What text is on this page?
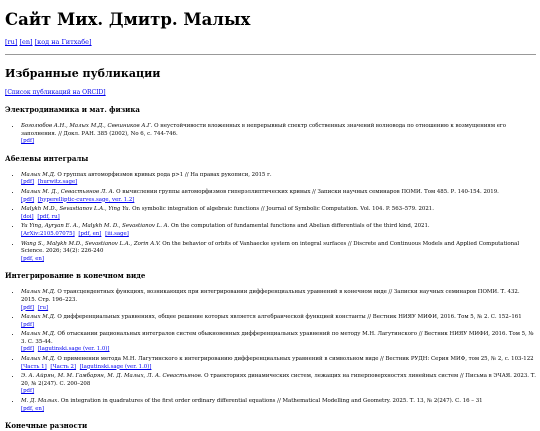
Сайт Мих. Дмитр. Малых
[ru] [en] [код на Гитхабе]
Избранные публикации
[Список публикаций на ORCID]
Электродинамика и мат. физика
• Боголюбов А.Н., Малых М.Д., Свешников А.Г. О неустойчивости вложенных в непрерывный спектр собственных значений волновода по отношению к возмущениям его заполнения. // Докл. РАН. 385 (2002), No 6, с. 744-746.
[pdf]
Абелевы интегралы
• Малых М.Д. О группах автоморфизмов кривых рода p>1 // На правах рукописи, 2015 г.
[pdf] [hurwitz.sage]
• Малых М. Д., Севастьянов Л. А. О вычислении группы автоморфизмов гиперэллиптических кривых // Записки научных семинаров ПОМИ. Том 485. Р. 140-154. 2019.
[pdf] [hyperelliptic-curves.sage, ver. 1.2]
• Malykh M.D., Sevastianov L.A., Ying Yu. On symbolic integration of algebraic functions // Journal of Symbolic Computation. Vol. 104. P. 563–579. 2021.
[doi] [pdf, ru]
• Yu Ying, Ayryan E. A., Malykh M. D., Sevastianov L. A. On the computation of fundamental functions and Abelian differentials of the third kind, 2021.
[ArXiv:2105.07075] [pdf, en] [iii.sage]
• Wang S., Malykh M.D., Sevastianov L.A., Zorin A.V. On the behavior of orbits of Vanhaecke system on integral surfaces // Discrete and Continuous Models and Applied Computational Science. 2026; 34(2): 226-240
[pdf, en]
Интегрирование в конечном виде
• Малых М.Д. О трансцендентных функциях, возникающих при интегрировании дифференциальных уравнений в конечном виде // Записки научных семинаров ПОМИ. Т. 432. 2015. Стр. 196–223.
[pdf] [ru]
• Малых М.Д. О дифференциальных уравнениях, общее решение которых является алгебраической функцией константы // Вестник НИЯУ МИФИ, 2016. Том 5, № 2. С. 152–161
[pdf]
• Малых М.Д. Об отыскании рациональных интегралов систем обыкновенных дифференциальных уравнений по методу М.Н. Лагутинского // Вестник НИЯУ МИФИ, 2016. Том 5, № 3. С. 35-44.
[pdf] [lagutinski.sage (ver. 1.0)]
• Малых М.Д. О применении метода М.Н. Лагутинского к интегрированию дифференциальных уравнений в символьном виде // Вестник РУДН: Серия МИФ, том 25, № 2, с. 103-122
[Часть 1] [Часть 2] [lagutinski.sage (ver. 1.0)]
• Э. А. Айрян, М. М. Гамбарян, М. Д. Малых, Л. А. Севастьянов. О траекториях динамических систем, лежащих на гиперповерхностях линейных систем // Письма в ЭЧАЯ. 2023. Т. 20, № 2(247). С. 200–208
[pdf]
• М. Д. Малых. On integration in quadratures of the first order ordinary differential equations // Mathematical Modelling and Geometry. 2025. Т. 13, № 2(247). С. 16 – 31
[pdf, en]
Конечные разности
